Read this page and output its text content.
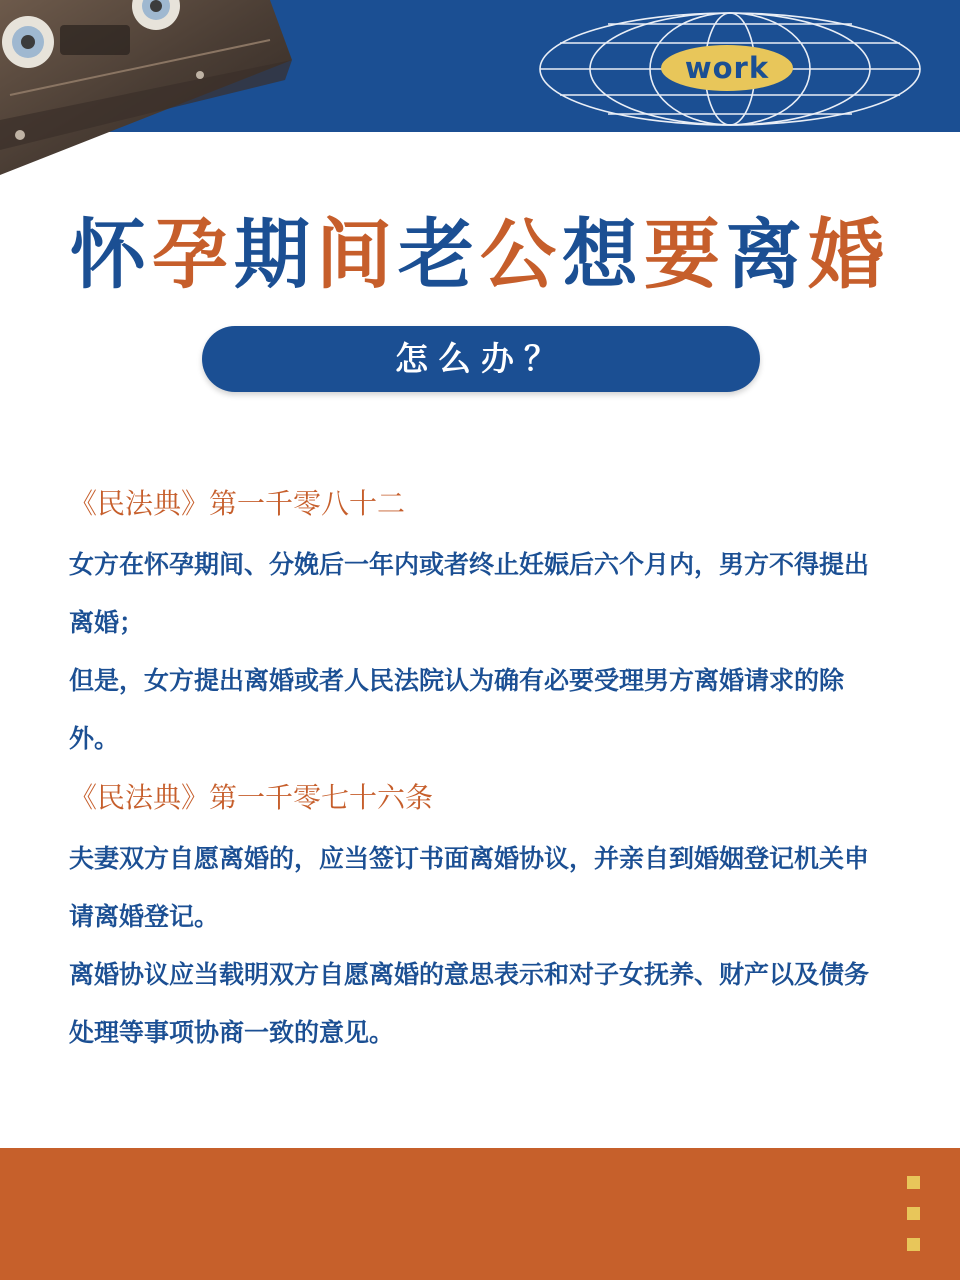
work
怀孕期间老公想要离婚
怎么办？
《民法典》第一千零八十二

女方在怀孕期间、分娩后一年内或者终止妊娠后六个月内，男方不得提出离婚；

但是，女方提出离婚或者人民法院认为确有必要受理男方离婚请求的除外。

《民法典》第一千零七十六条

夫妻双方自愿离婚的，应当签订书面离婚协议，并亲自到婚姻登记机关申请离婚登记。

离婚协议应当载明双方自愿离婚的意思表示和对子女抚养、财产以及债务处理等事项协商一致的意见。
